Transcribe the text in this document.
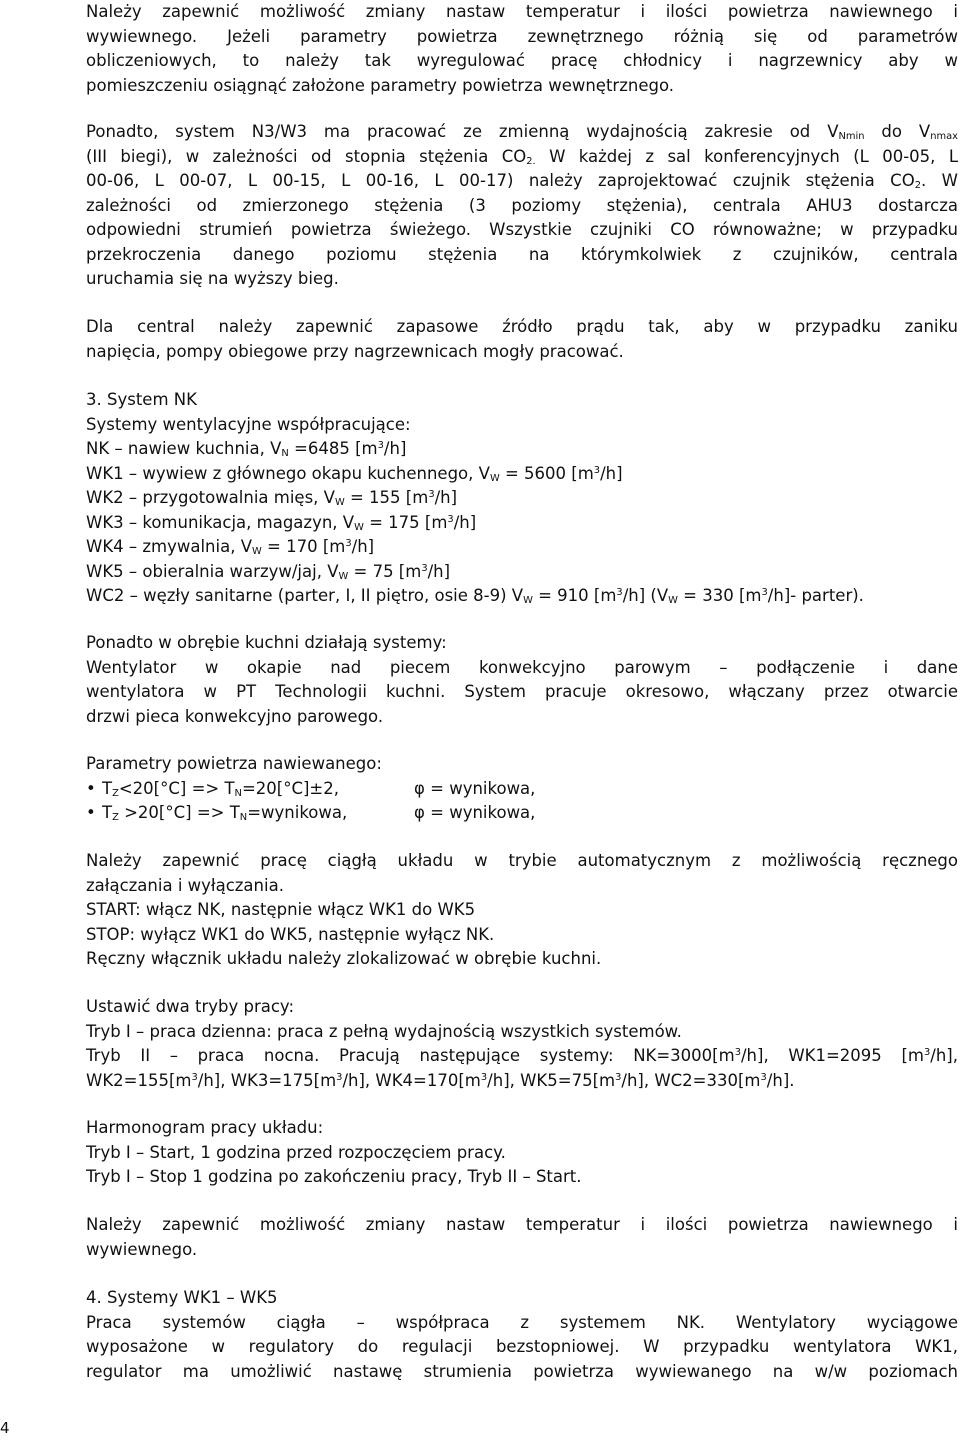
Należy zapewnić możliwość zmiany nastaw temperatur i ilości powietrza nawiewnego i
wywiewnego. Jeżeli parametry powietrza zewnętrznego różnią się od parametrów
obliczeniowych, to należy tak wyregulować pracę chłodnicy i nagrzewnicy aby w
pomieszczeniu osiągnąć założone parametry powietrza wewnętrznego.
Ponadto, system N3/W3 ma pracować ze zmienną wydajnością zakresie od $V_{Nmin}$ do $V_{nmax}$
(III biegi), w zależności od stopnia stężenia $CO_{2.}$ W każdej z sal konferencyjnych (L 00-05, L
00-06, L 00-07, L 00-15, L 00-16, L 00-17) należy zaprojektować czujnik stężenia $CO_2$. W
zależności od zmierzonego stężenia (3 poziomy stężenia), centrala AHU3 dostarcza
odpowiedni strumień powietrza świeżego. Wszystkie czujniki CO równoważne; w przypadku
przekroczenia danego poziomu stężenia na którymkolwiek z czujników, centrala
uruchamia się na wyższy bieg.
Dla central należy zapewnić zapasowe źródło prądu tak, aby w przypadku zaniku
napięcia, pompy obiegowe przy nagrzewnicach mogły pracować.
3. System NK
Systemy wentylacyjne współpracujące:
NK – nawiew kuchnia, $V_N =6485$ $[m^3/h]$
WK1 – wywiew z głównego okapu kuchennego, $V_W = 5600$ $[m^3/h]$
WK2 – przygotowalnia mięs, $V_W = 155$ $[m^3/h]$
WK3 – komunikacja, magazyn, $V_W = 175$ $[m^3/h]$
WK4 – zmywalnia, $V_W = 170$ $[m^3/h]$
WK5 – obieralnia warzyw/jaj, $V_W = 75$ $[m^3/h]$
WC2 – węzły sanitarne (parter, I, II piętro, osie 8-9) $V_W = 910$ $[m^3/h] (V_W = 330$ $[m^3/h]-$ parter).
Ponadto w obrębie kuchni działają systemy:
Wentylator w okapie nad piecem konwekcyjno parowym – podłączenie i dane
wentylatora w PT Technologii kuchni. System pracuje okresowo, włączany przez otwarcie
drzwi pieca konwekcyjno parowego.
Parametry powietrza nawiewanego:
• $T_Z<20[^\circ C] => T_N=20[^\circ C]\pm 2$,	φ = wynikowa,
• $T_Z >20[^\circ C]$ => $T_N=wynikowa$,	φ = wynikowa,
Należy zapewnić pracę ciągłą układu w trybie automatycznym z możliwością ręcznego
załączania i wyłączania.
START: włącz NK, następnie włącz WK1 do WK5
STOP: wyłącz WK1 do WK5, następnie wyłącz NK.
Ręczny włącznik układu należy zlokalizować w obrębie kuchni.
Ustawić dwa tryby pracy:
Tryb I – praca dzienna: praca z pełną wydajnością wszystkich systemów.
Tryb II – praca nocna. Pracują następujące systemy: $NK=3000[m^3/h]$, WK1=2095 $[m^3/h]$,
$WK2=155[m^3/h]$, $WK3=175[m^3/h]$, $WK4=170[m^3/h]$, $WK5=75[m^3/h]$, $WC2=330[m^3/h]$.
Harmonogram pracy układu:
Tryb I – Start, 1 godzina przed rozpoczęciem pracy.
Tryb I – Stop 1 godzina po zakończeniu pracy, Tryb II – Start.
Należy zapewnić możliwość zmiany nastaw temperatur i ilości powietrza nawiewnego i
wywiewnego.
4. Systemy WK1 – WK5
Praca systemów ciągła – współpraca z systemem NK. Wentylatory wyciągowe
wyposażone w regulatory do regulacji bezstopniowej. W przypadku wentylatora WK1,
regulator ma umożliwić nastawę strumienia powietrza wywiewanego na w/w poziomach
4
